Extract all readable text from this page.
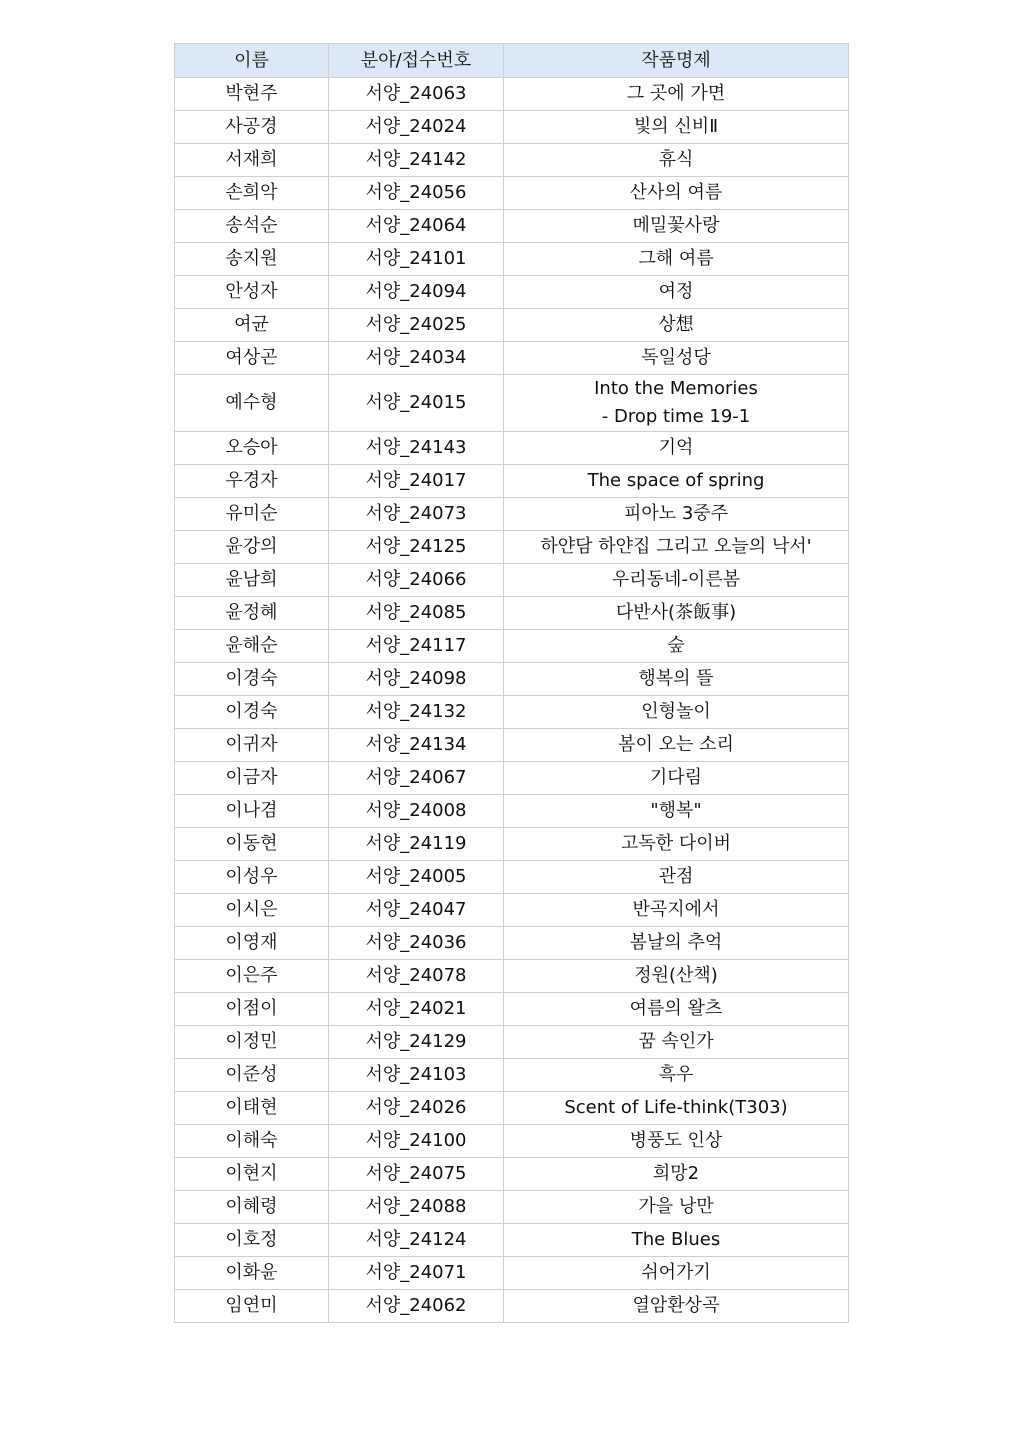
이름	분야/접수번호	작품명제
박현주	서양_24063	그 곳에 가면

사공경	서양_24024	빛의 신비Ⅱ

서재희	서양_24142	휴식

손희악	서양_24056	산사의 여름

송석순	서양_24064	메밀꽃사랑

송지원	서양_24101	그해 여름

안성자	서양_24094	여정

여균	서양_24025	상想

여상곤	서양_24034	독일성당

예수형	서양_24015	Into the Memories
- Drop time 19-1

오승아	서양_24143	기억

우경자	서양_24017	The space of spring

유미순	서양_24073	피아노 3중주

윤강의	서양_24125	하얀담 하얀집 그리고 오늘의 낙서'

윤남희	서양_24066	우리동네-이른봄

윤정혜	서양_24085	다반사(茶飯事)

윤해순	서양_24117	숲

이경숙	서양_24098	행복의 뜰

이경숙	서양_24132	인형놀이

이귀자	서양_24134	봄이 오는 소리

이금자	서양_24067	기다림

이나겸	서양_24008	"행복"

이동현	서양_24119	고독한 다이버

이성우	서양_24005	관점

이시은	서양_24047	반곡지에서

이영재	서양_24036	봄날의 추억

이은주	서양_24078	정원(산책)

이점이	서양_24021	여름의 왈츠

이정민	서양_24129	꿈 속인가

이준성	서양_24103	흑우

이태현	서양_24026	Scent of Life-think(T303)

이해숙	서양_24100	병풍도 인상

이현지	서양_24075	희망2

이혜령	서양_24088	가을 낭만

이호정	서양_24124	The Blues

이화윤	서양_24071	쉬어가기

임연미	서양_24062	열암환상곡
